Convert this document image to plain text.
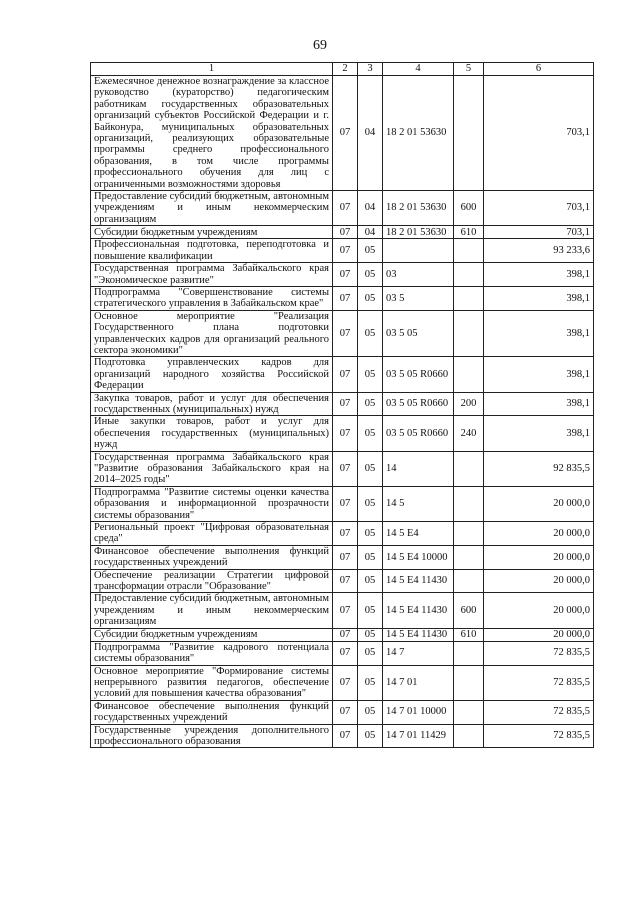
69
1	2	3	4	5	6
Ежемесячное денежное вознаграждение за классное руководство (кураторство) педагогическим работникам государственных образовательных организаций субъектов Российской Федерации и г. Байконура, муниципальных образовательных организаций, реализующих образовательные программы среднего профессионального образования, в том числе программы профессионального обучения для лиц с ограниченными возможностями здоровья	07	04	18 2 01 53630		703,1
Предоставление субсидий бюджетным, автономным учреждениям и иным некоммерческим организациям	07	04	18 2 01 53630	600	703,1
Субсидии бюджетным учреждениям	07	04	18 2 01 53630	610	703,1
Профессиональная подготовка, переподготовка и повышение квалификации	07	05			93 233,6
Государственная программа Забайкальского края "Экономическое развитие"	07	05	03		398,1
Подпрограмма "Совершенствование системы стратегического управления в Забайкальском крае"	07	05	03 5		398,1
Основное мероприятие "Реализация Государственного плана подготовки управленческих кадров для организаций реального сектора экономики"	07	05	03 5 05		398,1
Подготовка управленческих кадров для организаций народного хозяйства Российской Федерации	07	05	03 5 05 R0660		398,1
Закупка товаров, работ и услуг для обеспечения государственных (муниципальных) нужд	07	05	03 5 05 R0660	200	398,1
Иные закупки товаров, работ и услуг для обеспечения государственных (муниципальных) нужд	07	05	03 5 05 R0660	240	398,1
Государственная программа Забайкальского края "Развитие образования Забайкальского края на 2014–2025 годы"	07	05	14		92 835,5
Подпрограмма "Развитие системы оценки качества образования и информационной прозрачности системы образования"	07	05	14 5		20 000,0
Региональный проект "Цифровая образовательная среда"	07	05	14 5 E4		20 000,0
Финансовое обеспечение выполнения функций государственных учреждений	07	05	14 5 E4 10000		20 000,0
Обеспечение реализации Стратегии цифровой трансформации отрасли "Образование"	07	05	14 5 E4 11430		20 000,0
Предоставление субсидий бюджетным, автономным учреждениям и иным некоммерческим организациям	07	05	14 5 E4 11430	600	20 000,0
Субсидии бюджетным учреждениям	07	05	14 5 E4 11430	610	20 000,0
Подпрограмма "Развитие кадрового потенциала системы образования"	07	05	14 7		72 835,5
Основное мероприятие "Формирование системы непрерывного развития педагогов, обеспечение условий для повышения качества образования"	07	05	14 7 01		72 835,5
Финансовое обеспечение выполнения функций государственных учреждений	07	05	14 7 01 10000		72 835,5
Государственные учреждения дополнительного профессионального образования	07	05	14 7 01 11429		72 835,5
